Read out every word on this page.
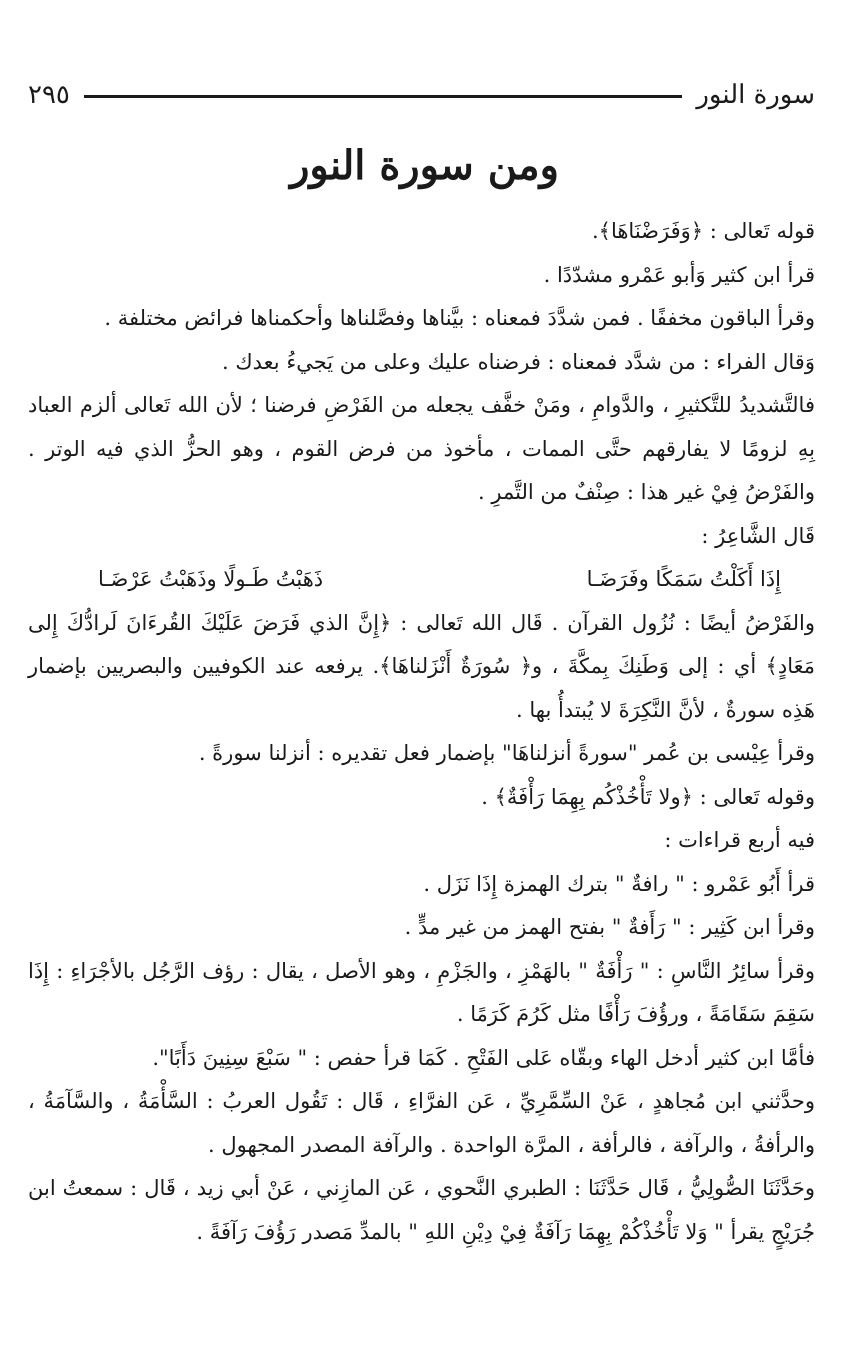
سورة النور
٢٩٥
ومن سورة النور

قوله تَعالى : ﴿وَفَرَضْنَاهَا﴾.

قرأ ابن كثير وَأبو عَمْرو مشدّدًا .

وقرأ الباقون مخففًا . فمن شدَّدَ فمعناه : بيَّناها وفصَّلناها وأحكمناها فرائض مختلفة .

وَقال الفراء : من شدَّد فمعناه : فرضناه عليك وعلى من يَجيءُ بعدك .

فالتَّشديدُ للتَّكثيرِ ، والدَّوامِ ، ومَنْ خفَّف يجعله من الفَرْضِ فرضنا ؛ لأن الله تَعالى ألزم العباد بِهِ لزومًا لا يفارقهم حتَّى الممات ، مأخوذ من فرض القوم ، وهو الحزُّ الذي فيه الوتر . والفَرْضُ فِيْ غير هذا : صِنْفٌ من التَّمرِ .

قَال الشَّاعِرُ :

إِذَا أَكَلْتُ سَمَكًا وفَرَضَـا
ذَهَبْتُ طَـولًا وذَهَبْتُ عَرْضَـا

والفَرْضُ أيضًا : نُزُول القرآن . قَال الله تَعالى : ﴿إِنَّ الذي فَرَضَ عَلَيْكَ القُرءَانَ لَرادُّكَ إِلى مَعَادٍ﴾ أي : إلى وَطَنِكَ بِمكَّةَ ، و﴿ سُورَةٌ أَنْزَلناهَا﴾. يرفعه عند الكوفيين والبصريين بإضمار هَذِه سورةٌ ، لأنَّ النَّكِرَةَ لا يُبتدأُ بها .

وقرأ عِيْسى بن عُمر "سورةً أنزلناهَا" بإضمار فعل تقديره : أنزلنا سورةً .

وقوله تَعالى : ﴿ولا تَأْخُذْكُم بِهِمَا رَأْفَةٌ﴾ .

فيه أربع قراءات :

قرأ أَبُو عَمْرو : " رافةٌ " بترك الهمزة إِذَا نَزَل .

وقرأ ابن كَثِير : " رَأَفةٌ " بفتح الهمز من غير مدٍّ .

وقرأ سائِرُ النَّاسِ : " رَأْفَةٌ " بالهَمْزِ ، والجَزْمِ ، وهو الأصل ، يقال : رؤف الرَّجُل بالأجْرَاءِ : إِذَا سَقِمَ سَقَامَةً ، ورؤُفَ رَأْفًا مثل كَرُمَ كَرَمًا .

فأمَّا ابن كثير أدخل الهاء وبقّاه عَلى الفَتْحِ . كَمَا قرأ حفص : " سَبْعَ سِنِينَ دَأَبًا".

وحدَّثني ابن مُجاهدٍ ، عَنْ السِّمَّرِيِّ ، عَن الفرَّاءِ ، قَال : تَقُول العربُ : السَّأْمَةُ ، والسَّآمَةُ ، والرأفةُ ، والرآفة ، فالرأفة ، المرَّة الواحدة . والرآفة المصدر المجهول .

وحَدَّثَنَا الصُّولِيُّ ، قَال حَدَّثَنَا : الطبري النَّحوي ، عَن المازِني ، عَنْ أبي زيد ، قَال : سمعتُ ابن جُرَيْجٍ يقرأ " وَلا تَأْخُذْكُمْ بِهِمَا رَآفَةٌ فِيْ دِيْنِ اللهِ " بالمدِّ مَصدر رَؤُفَ رَآفَةً .
